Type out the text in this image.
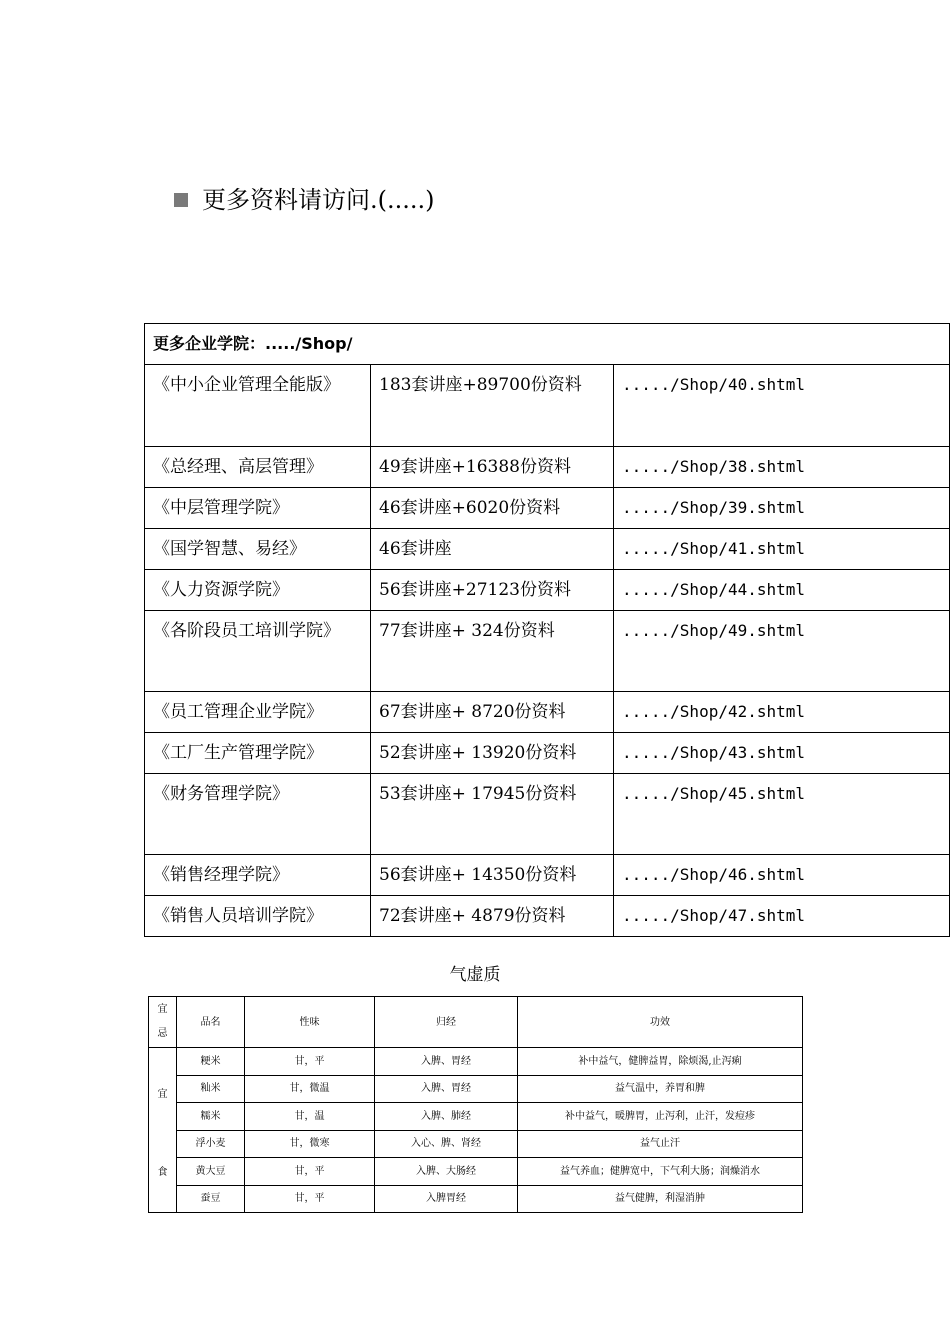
更多资料请访问.(.....)
更多企业学院：...../Shop/		
《中小企业管理全能版》	183套讲座+89700份资料	...../Shop/40.shtml
《总经理、高层管理》	49套讲座+16388份资料	...../Shop/38.shtml
《中层管理学院》	46套讲座+6020份资料	...../Shop/39.shtml
《国学智慧、易经》	46套讲座	...../Shop/41.shtml
《人力资源学院》	56套讲座+27123份资料	...../Shop/44.shtml
《各阶段员工培训学院》	77套讲座+ 324份资料	...../Shop/49.shtml
《员工管理企业学院》	67套讲座+ 8720份资料	...../Shop/42.shtml
《工厂生产管理学院》	52套讲座+ 13920份资料	...../Shop/43.shtml
《财务管理学院》	53套讲座+ 17945份资料	...../Shop/45.shtml
《销售经理学院》	56套讲座+ 14350份资料	...../Shop/46.shtml
《销售人员培训学院》	72套讲座+ 4879份资料	...../Shop/47.shtml
气虚质
宜忌	品名	性味	归经	功效
宜食	粳米	甘，平	入脾、胃经	补中益气，健脾益胃，除烦渴,止泻痢
	籼米	甘，微温	入脾、胃经	益气温中，养胃和脾
	糯米	甘，温	入脾、肺经	补中益气，暖脾胃，止泻利，止汗，发痘疹
	浮小麦	甘，微寒	入心、脾、肾经	益气止汗
	黄大豆	甘，平	入脾、大肠经	益气养血；健脾宽中，下气利大肠；润燥消水
	蚕豆	甘，平	入脾胃经	益气健脾，利湿消肿
